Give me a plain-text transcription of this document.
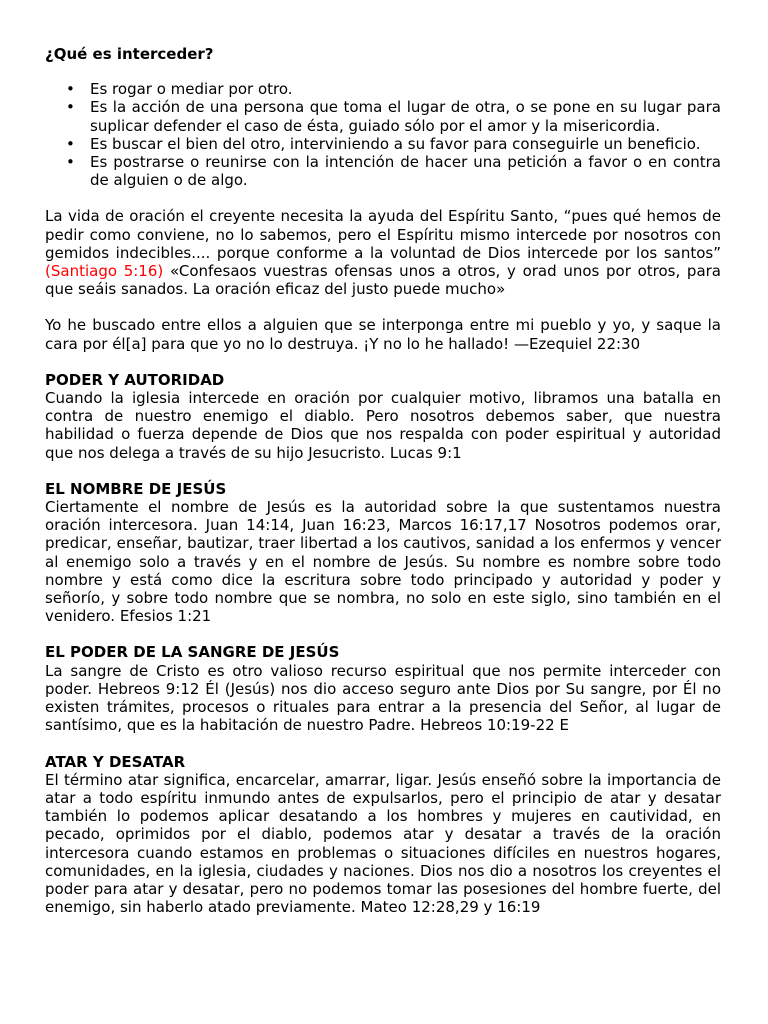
¿Qué es interceder?
• Es rogar o mediar por otro.
• Es la acción de una persona que toma el lugar de otra, o se pone en su lugar para suplicar defender el caso de ésta, guiado sólo por el amor y la misericordia.
• Es buscar el bien del otro, interviniendo a su favor para conseguirle un beneficio.
• Es postrarse o reunirse con la intención de hacer una petición a favor o en contra de alguien o de algo.

La vida de oración el creyente necesita la ayuda del Espíritu Santo, “pues qué hemos de pedir como conviene, no lo sabemos, pero el Espíritu mismo intercede por nosotros con gemidos indecibles.... porque conforme a la voluntad de Dios intercede por los santos” (Santiago 5:16) «Confesaos vuestras ofensas unos a otros, y orad unos por otros, para que seáis sanados. La oración eficaz del justo puede mucho»

Yo he buscado entre ellos a alguien que se interponga entre mi pueblo y yo, y saque la cara por él[a] para que yo no lo destruya. ¡Y no lo he hallado! —Ezequiel 22:30

PODER Y AUTORIDAD

Cuando la iglesia intercede en oración por cualquier motivo, libramos una batalla en contra de nuestro enemigo el diablo. Pero nosotros debemos saber, que nuestra habilidad o fuerza depende de Dios que nos respalda con poder espiritual y autoridad que nos delega a través de su hijo Jesucristo. Lucas 9:1

EL NOMBRE DE JESÚS

Ciertamente el nombre de Jesús es la autoridad sobre la que sustentamos nuestra oración intercesora. Juan 14:14, Juan 16:23, Marcos 16:17,17 Nosotros podemos orar, predicar, enseñar, bautizar, traer libertad a los cautivos, sanidad a los enfermos y vencer al enemigo solo a través y en el nombre de Jesús. Su nombre es nombre sobre todo nombre y está como dice la escritura sobre todo principado y autoridad y poder y señorío, y sobre todo nombre que se nombra, no solo en este siglo, sino también en el venidero. Efesios 1:21

EL PODER DE LA SANGRE DE JESÚS

La sangre de Cristo es otro valioso recurso espiritual que nos permite interceder con poder. Hebreos 9:12 Él (Jesús) nos dio acceso seguro ante Dios por Su sangre, por Él no existen trámites, procesos o rituales para entrar a la presencia del Señor, al lugar de santísimo, que es la habitación de nuestro Padre. Hebreos 10:19-22 E

ATAR Y DESATAR

El término atar significa, encarcelar, amarrar, ligar. Jesús enseñó sobre la importancia de atar a todo espíritu inmundo antes de expulsarlos, pero el principio de atar y desatar también lo podemos aplicar desatando a los hombres y mujeres en cautividad, en pecado, oprimidos por el diablo, podemos atar y desatar a través de la oración intercesora cuando estamos en problemas o situaciones difíciles en nuestros hogares, comunidades, en la iglesia, ciudades y naciones. Dios nos dio a nosotros los creyentes el poder para atar y desatar, pero no podemos tomar las posesiones del hombre fuerte, del enemigo, sin haberlo atado previamente. Mateo 12:28,29 y 16:19
